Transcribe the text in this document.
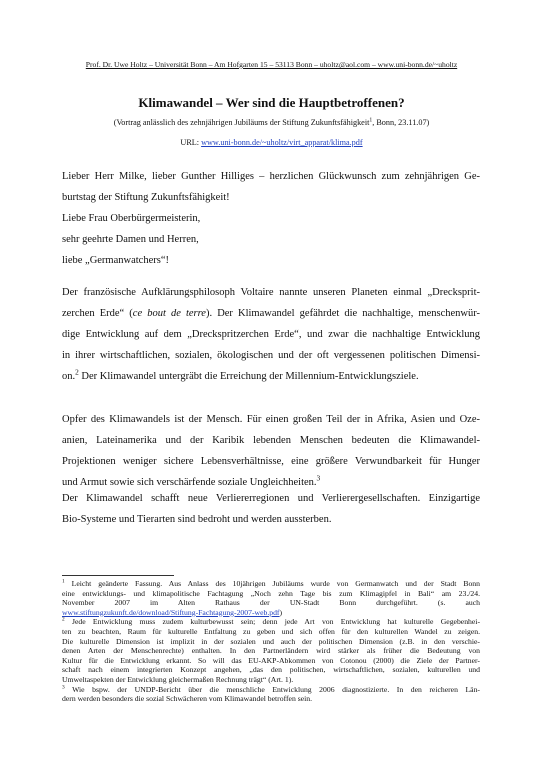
Prof. Dr. Uwe Holtz – Universität Bonn – Am Hofgarten 15 – 53113 Bonn – uholtz@aol.com – www.uni-bonn.de/~uholtz
Klimawandel – Wer sind die Hauptbetroffenen?
(Vortrag anlässlich des zehnjährigen Jubiläums der Stiftung Zukunftsfähigkeit$^1$, Bonn, 23.11.07)
URL: www.uni-bonn.de/~uholtz/virt_apparat/klima.pdf
Lieber Herr Milke, lieber Gunther Hilliges – herzlichen Glückwunsch zum zehnjährigen Ge-
burtstag der Stiftung Zukunftsfähigkeit!
Liebe Frau Oberbürgermeisterin,
sehr geehrte Damen und Herren,
liebe „Germanwatchers“!
Der französische Aufklärungsphilosoph Voltaire nannte unseren Planeten einmal „Drecksprit-
zerchen Erde“ (ce bout de terre). Der Klimawandel gefährdet die nachhaltige, menschenwür-
dige Entwicklung auf dem „Dreckspritzerchen Erde“, und zwar die nachhaltige Entwicklung
in ihrer wirtschaftlichen, sozialen, ökologischen und der oft vergessenen politischen Dimensi-
on.$^2$ Der Klimawandel untergräbt die Erreichung der Millennium-Entwicklungsziele.
Opfer des Klimawandels ist der Mensch. Für einen großen Teil der in Afrika, Asien und Oze-
anien, Lateinamerika und der Karibik lebenden Menschen bedeuten die Klimawandel-
Projektionen weniger sichere Lebensverhältnisse, eine größere Verwundbarkeit für Hunger
und Armut sowie sich verschärfende soziale Ungleichheiten.$^3$
Der Klimawandel schafft neue Verliererregionen und Verlierergesellschaften. Einzigartige
Bio-Systeme und Tierarten sind bedroht und werden aussterben.
$^1$ Leicht geänderte Fassung. Aus Anlass des 10jährigen Jubiläums wurde von Germanwatch und der Stadt Bonn
eine entwicklungs- und klimapolitische Fachtagung „Noch zehn Tage bis zum Klimagipfel in Bali“ am 23./24.
November 2007 im Alten Rathaus der UN-Stadt Bonn durchgeführt. (s. auch
www.stiftungzukunft.de/download/Stiftung-Fachtagung-2007-web.pdf)
$^2$ Jede Entwicklung muss zudem kulturbewusst sein; denn jede Art von Entwicklung hat kulturelle Gegebenhei-
ten zu beachten, Raum für kulturelle Entfaltung zu geben und sich offen für den kulturellen Wandel zu zeigen.
Die kulturelle Dimension ist implizit in der sozialen und auch der politischen Dimension (z.B. in den verschie-
denen Arten der Menschenrechte) enthalten. In den Partnerländern wird stärker als früher die Bedeutung von
Kultur für die Entwicklung erkannt. So will das EU-AKP-Abkommen von Cotonou (2000) die Ziele der Partner-
schaft nach einem integrierten Konzept angehen, „das den politischen, wirtschaftlichen, sozialen, kulturellen und
Umweltaspekten der Entwicklung gleichermaßen Rechnung trägt“ (Art. 1).
$^3$ Wie bspw. der UNDP-Bericht über die menschliche Entwicklung 2006 diagnostizierte. In den reicheren Län-
dern werden besonders die sozial Schwächeren vom Klimawandel betroffen sein.
